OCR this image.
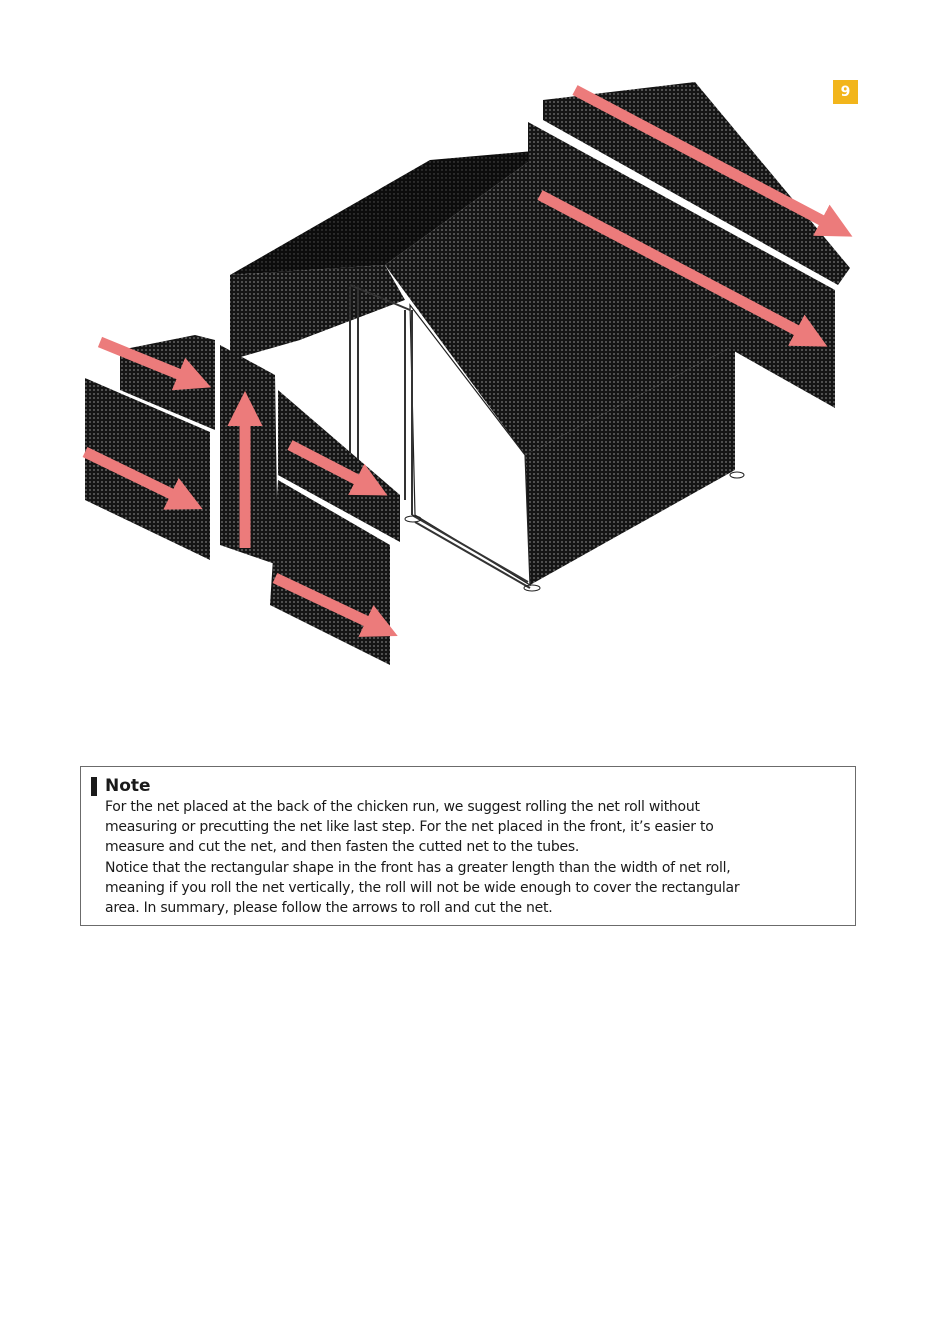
9
Note
For the net placed at the back of the chicken run, we suggest rolling the net roll without
measuring or precutting the net like last step. For the net placed in the front, it’s easier to
measure and cut the net, and then fasten the cutted net to the tubes.
Notice that the rectangular shape in the front has a greater length than the width of net roll,
meaning if you roll the net vertically, the roll will not be wide enough to cover the rectangular
area. In summary, please follow the arrows to roll and cut the net.
